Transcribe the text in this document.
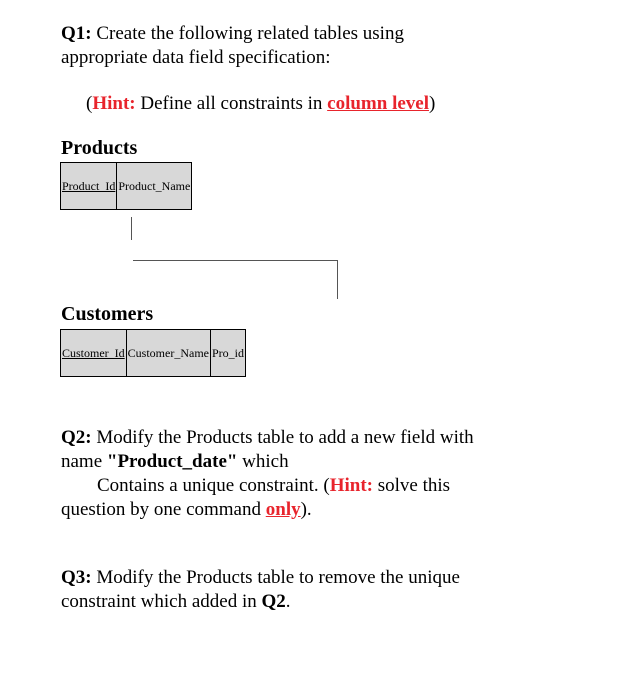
Q1: Create the following related tables using
appropriate data field specification:
(Hint: Define all constraints in column level)
Products
Product_Id	Product_Name
Customers
Customer_Id	Customer_Name	Pro_id
Q2: Modify the Products table to add a new field with
name "Product_date" which
Contains a unique constraint. (Hint: solve this
question by one command only).
Q3: Modify the Products table to remove the unique
constraint which added in Q2.
